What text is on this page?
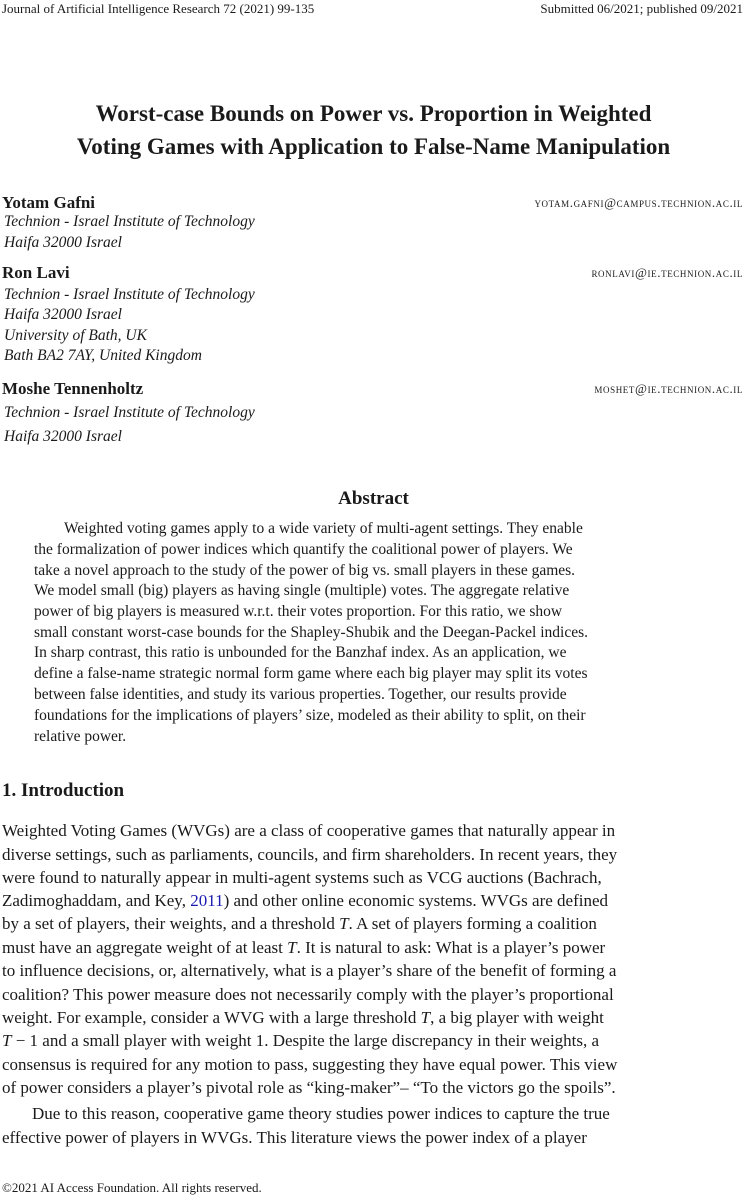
Journal of Artificial Intelligence Research 72 (2021) 99-135	Submitted 06/2021; published 09/2021
Worst-case Bounds on Power vs. Proportion in Weighted
Voting Games with Application to False-Name Manipulation
Yotam Gafni	yotam.gafni@campus.technion.ac.il
Technion - Israel Institute of Technology
Haifa 32000 Israel
Ron Lavi	ronlavi@ie.technion.ac.il
Technion - Israel Institute of Technology
Haifa 32000 Israel
University of Bath, UK
Bath BA2 7AY, United Kingdom
Moshe Tennenholtz	moshet@ie.technion.ac.il
Technion - Israel Institute of Technology
Haifa 32000 Israel
Abstract
Weighted voting games apply to a wide variety of multi-agent settings. They enable
the formalization of power indices which quantify the coalitional power of players. We
take a novel approach to the study of the power of big vs. small players in these games.
We model small (big) players as having single (multiple) votes. The aggregate relative
power of big players is measured w.r.t. their votes proportion. For this ratio, we show
small constant worst-case bounds for the Shapley-Shubik and the Deegan-Packel indices.
In sharp contrast, this ratio is unbounded for the Banzhaf index. As an application, we
define a false-name strategic normal form game where each big player may split its votes
between false identities, and study its various properties. Together, our results provide
foundations for the implications of players’ size, modeled as their ability to split, on their
relative power.
1. Introduction
Weighted Voting Games (WVGs) are a class of cooperative games that naturally appear in
diverse settings, such as parliaments, councils, and firm shareholders. In recent years, they
were found to naturally appear in multi-agent systems such as VCG auctions (Bachrach,
Zadimoghaddam, and Key, 2011) and other online economic systems. WVGs are defined
by a set of players, their weights, and a threshold T. A set of players forming a coalition
must have an aggregate weight of at least T. It is natural to ask: What is a player’s power
to influence decisions, or, alternatively, what is a player’s share of the benefit of forming a
coalition? This power measure does not necessarily comply with the player’s proportional
weight. For example, consider a WVG with a large threshold T, a big player with weight
T − 1 and a small player with weight 1. Despite the large discrepancy in their weights, a
consensus is required for any motion to pass, suggesting they have equal power. This view
of power considers a player’s pivotal role as “king-maker”– “To the victors go the spoils”.
Due to this reason, cooperative game theory studies power indices to capture the true
effective power of players in WVGs. This literature views the power index of a player
©2021 AI Access Foundation. All rights reserved.
